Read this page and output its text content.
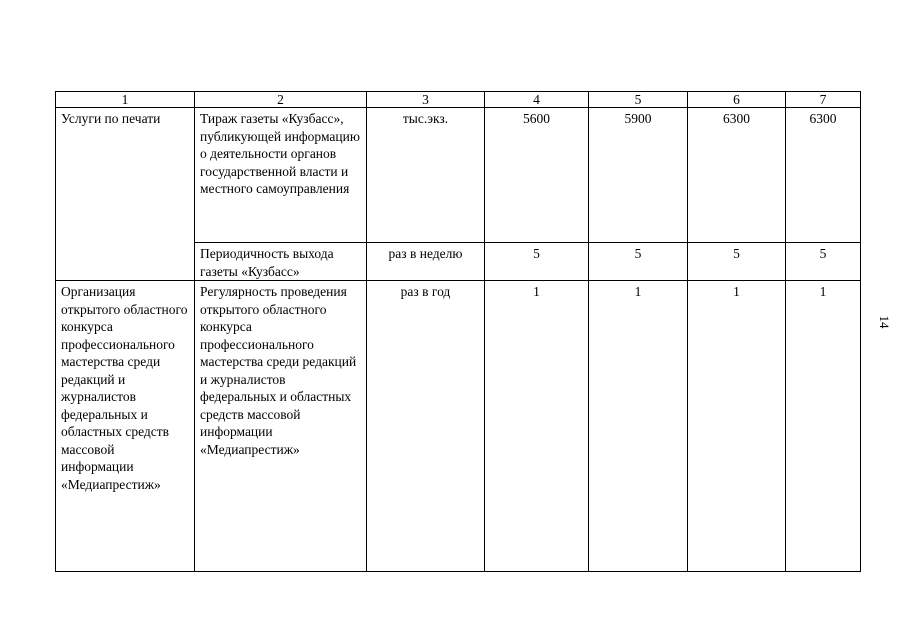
1	2	3	4	5	6	7
Услуги по печати	Тираж газеты «Кузбасс», публикующей информацию о деятельности органов государственной власти и местного самоуправления	тыс.экз.	5600	5900	6300	6300
	Периодичность выхода газеты «Кузбасс»	раз в неделю	5	5	5	5
Организация открытого областного конкурса профессионального мастерства среди редакций и журналистов федеральных и областных средств массовой информации «Медиапрестиж»	Регулярность проведения открытого областного конкурса профессионального мастерства среди редакций и журналистов федеральных и областных средств массовой информации «Медиапрестиж»	раз в год	1	1	1	1
14
